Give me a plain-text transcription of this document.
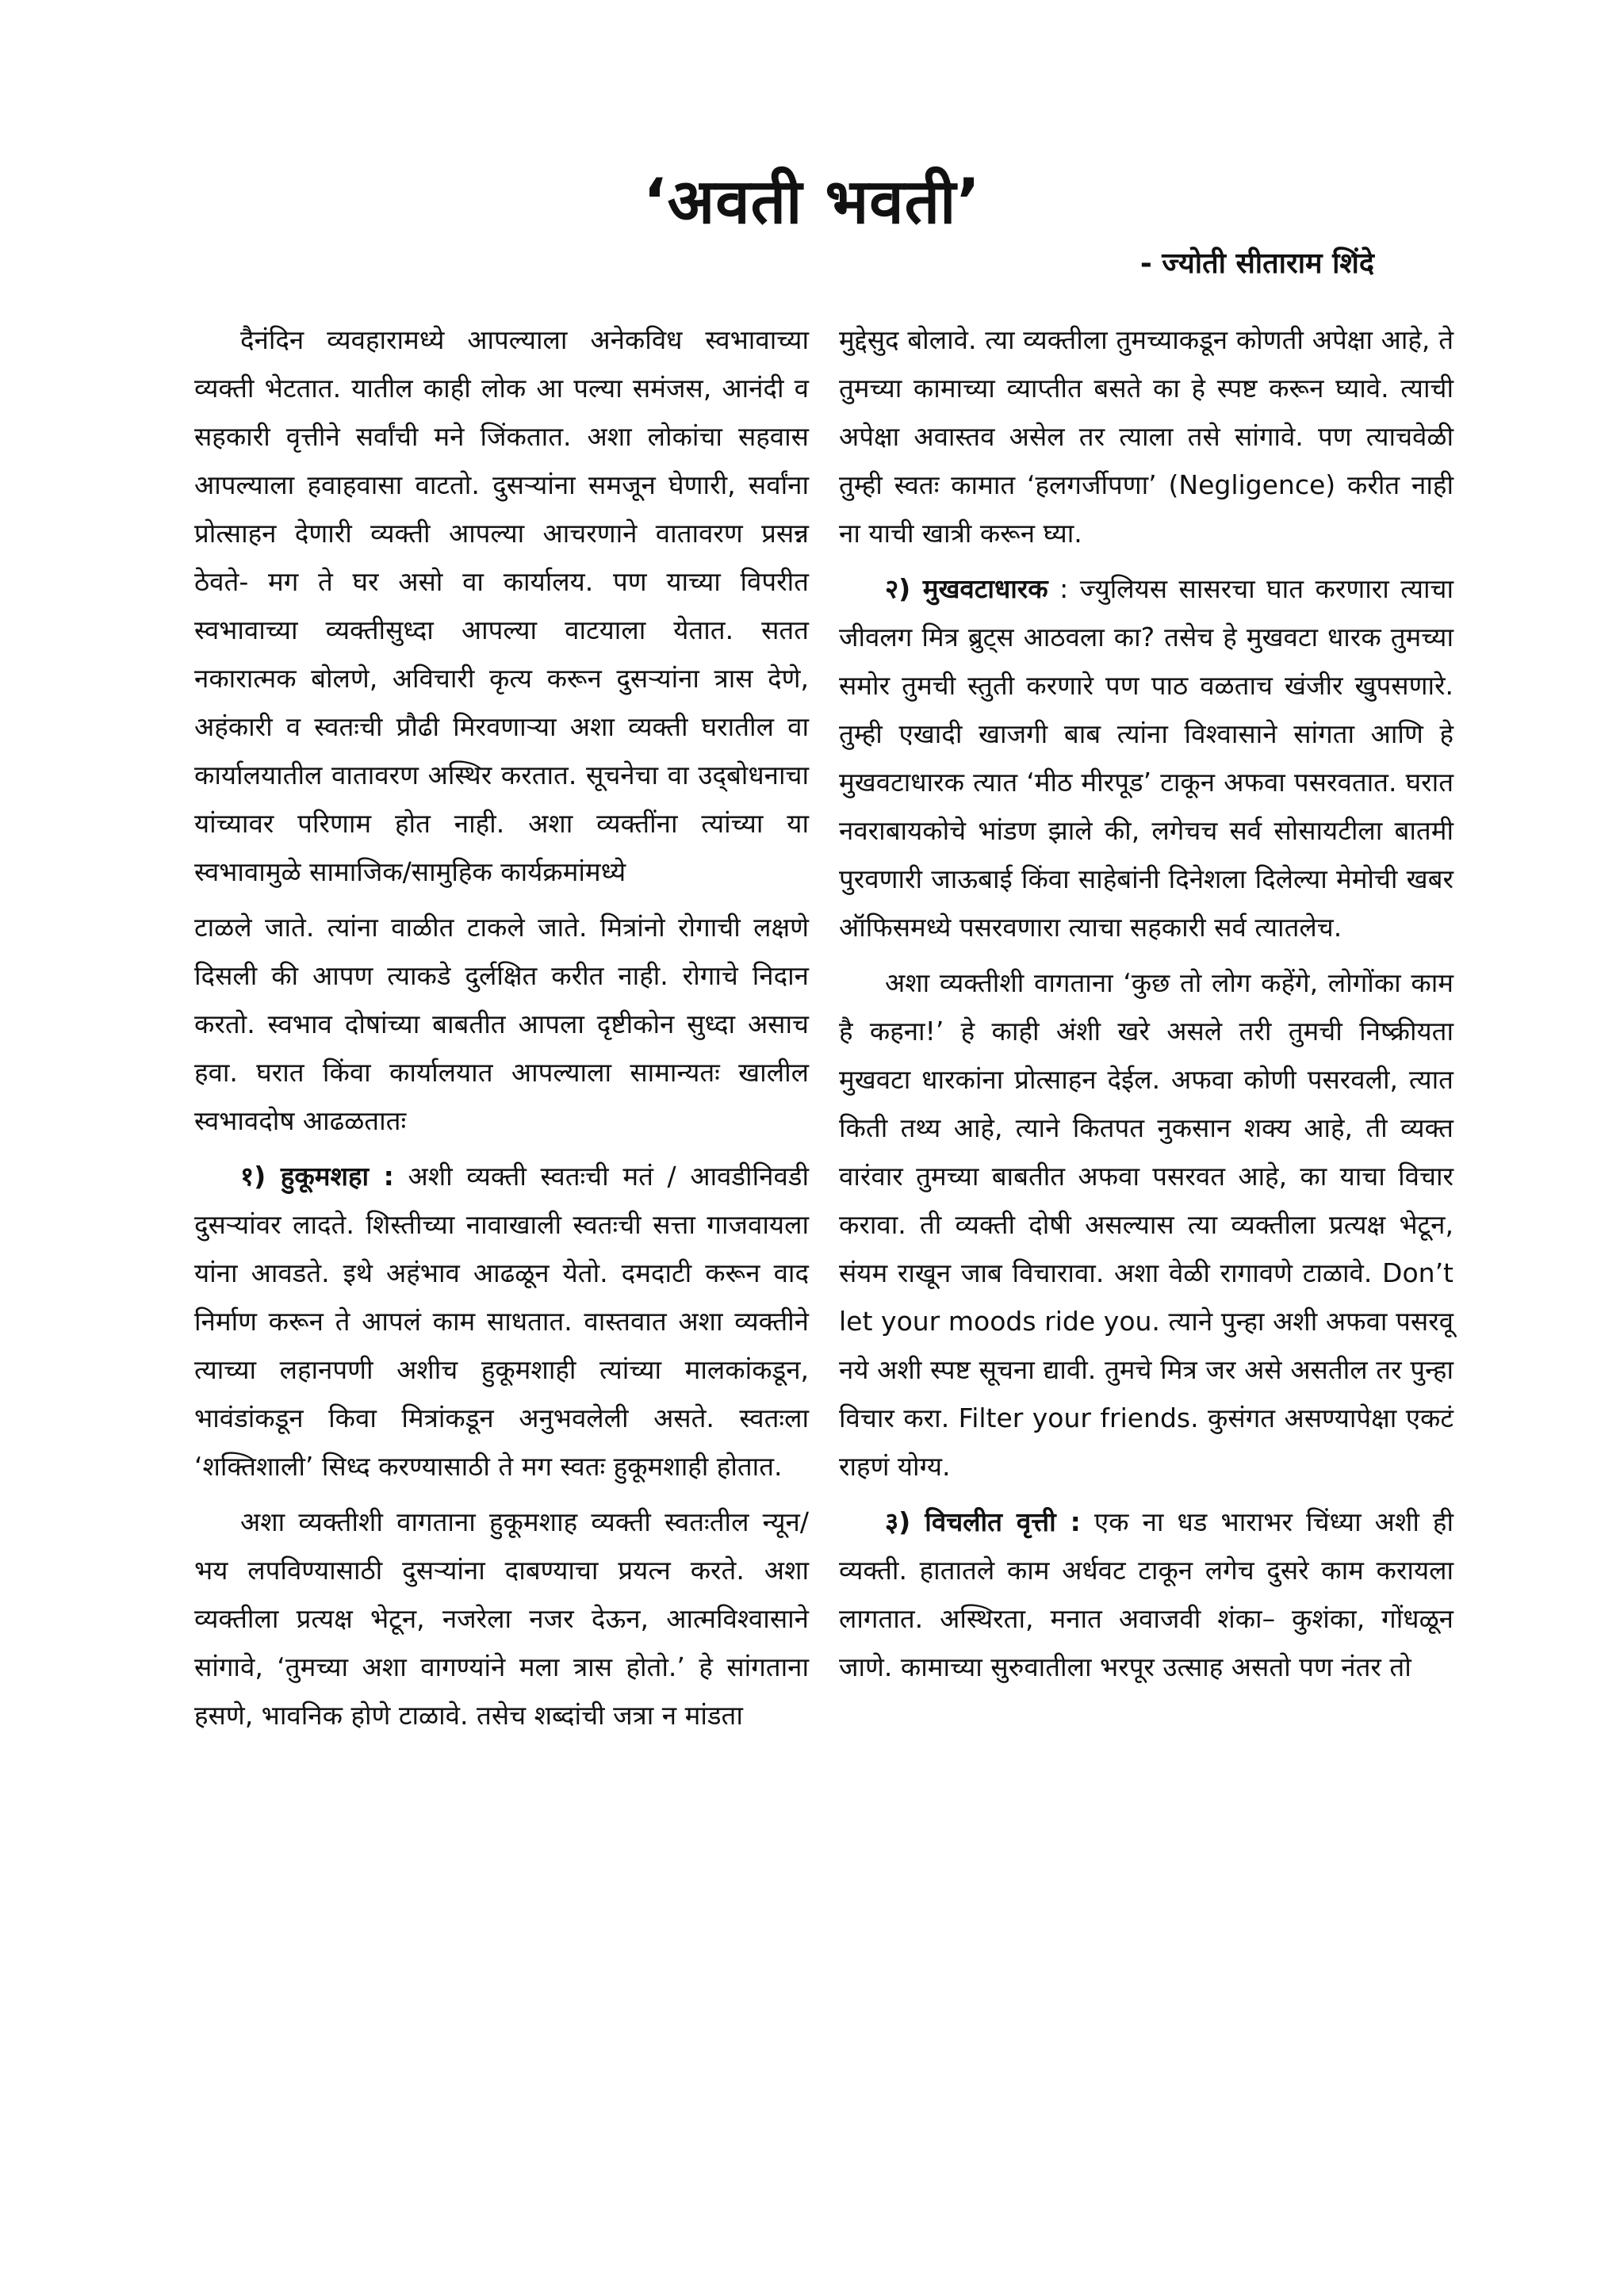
‘अवती भवती’
- ज्योती सीताराम शिंदे

दैनंदिन व्यवहारामध्ये आपल्याला अनेकविध स्वभावाच्या व्यक्ती भेटतात. यातील काही लोक आ पल्या समंजस, आनंदी व सहकारी वृत्तीने सर्वांची मने जिंकतात. अशा लोकांचा सहवास आपल्याला हवाहवासा वाटतो. दुसऱ्यांना समजून घेणारी, सर्वांना प्रोत्साहन देणारी व्यक्ती आपल्या आचरणाने वातावरण प्रसन्न ठेवते- मग ते घर असो वा कार्यालय. पण याच्या विपरीत स्वभावाच्या व्यक्तीसुध्दा आपल्या वाटयाला येतात. सतत नकारात्मक बोलणे, अविचारी कृत्य करून दुसऱ्यांना त्रास देणे, अहंकारी व स्वतःची प्रौढी मिरवणाऱ्या अशा व्यक्ती घरातील वा कार्यालयातील वातावरण अस्थिर करतात. सूचनेचा वा उद्‌बोधनाचा यांच्यावर परिणाम होत नाही. अशा व्यक्तींना त्यांच्या या स्वभावामुळे सामाजिक/सामुहिक कार्यक्रमांमध्ये

टाळले जाते. त्यांना वाळीत टाकले जाते. मित्रांनो रोगाची लक्षणे दिसली की आपण त्याकडे दुर्लक्षित करीत नाही. रोगाचे निदान करतो. स्वभाव दोषांच्या बाबतीत आपला दृष्टीकोन सुध्दा असाच हवा. घरात किंवा कार्यालयात आपल्याला सामान्यतः खालील स्वभावदोष आढळतातः

१) हुकूमशहा : अशी व्यक्ती स्वतःची मतं / आवडीनिवडी दुसऱ्यांवर लादते. शिस्तीच्या नावाखाली स्वतःची सत्ता गाजवायला यांना आवडते. इथे अहंभाव आढळून येतो. दमदाटी करून वाद निर्माण करून ते आपलं काम साधतात. वास्तवात अशा व्यक्तीने त्याच्या लहानपणी अशीच हुकूमशाही त्यांच्या मालकांकडून, भावंडांकडून किवा मित्रांकडून अनुभवलेली असते. स्वतःला ‘शक्तिशाली’ सिध्द करण्यासाठी ते मग स्वतः हुकूमशाही होतात.

अशा व्यक्तीशी वागताना हुकूमशाह व्यक्ती स्वतःतील न्यून/भय लपविण्यासाठी दुसऱ्यांना दाबण्याचा प्रयत्न करते. अशा व्यक्तीला प्रत्यक्ष भेटून, नजरेला नजर देऊन, आत्मविश्वासाने सांगावे, ‘तुमच्या अशा वागण्यांने मला त्रास होतो.’ हे सांगताना हसणे, भावनिक होणे टाळावे. तसेच शब्दांची जत्रा न मांडता

मुद्देसुद बोलावे. त्या व्यक्तीला तुमच्याकडून कोणती अपेक्षा आहे, ते तुमच्या कामाच्या व्याप्तीत बसते का हे स्पष्ट करून घ्यावे. त्याची अपेक्षा अवास्तव असेल तर त्याला तसे सांगावे. पण त्याचवेळी तुम्ही स्वतः कामात ‘हलगर्जीपणा’ (Negligence) करीत नाही ना याची खात्री करून घ्या.

२) मुखवटाधारक : ज्युलियस सासरचा घात करणारा त्याचा जीवलग मित्र ब्रुट्स आठवला का? तसेच हे मुखवटा धारक तुमच्या समोर तुमची स्तुती करणारे पण पाठ वळताच खंजीर खुपसणारे. तुम्ही एखादी खाजगी बाब त्यांना विश्वासाने सांगता आणि हे मुखवटाधारक त्यात ‘मीठ मीरपूड’ टाकून अफवा पसरवतात. घरात नवराबायकोचे भांडण झाले की, लगेचच सर्व सोसायटीला बातमी पुरवणारी जाऊबाई किंवा साहेबांनी दिनेशला दिलेल्या मेमोची खबर ऑफिसमध्ये पसरवणारा त्याचा सहकारी सर्व त्यातलेच.

अशा व्यक्तीशी वागताना ‘कुछ तो लोग कहेंगे, लोगोंका काम है कहना!’ हे काही अंशी खरे असले तरी तुमची निष्क्रीयता मुखवटा धारकांना प्रोत्साहन देईल. अफवा कोणी पसरवली, त्यात किती तथ्य आहे, त्याने कितपत नुकसान शक्य आहे, ती व्यक्त वारंवार तुमच्या बाबतीत अफवा पसरवत आहे, का याचा विचार करावा. ती व्यक्ती दोषी असल्यास त्या व्यक्तीला प्रत्यक्ष भेटून, संयम राखून जाब विचारावा. अशा वेळी रागावणे टाळावे. Don’t let your moods ride you. त्याने पुन्हा अशी अफवा पसरवू नये अशी स्पष्ट सूचना द्यावी. तुमचे मित्र जर असे असतील तर पुन्हा विचार करा. Filter your friends. कुसंगत असण्यापेक्षा एकटं राहणं योग्य.

३) विचलीत वृत्ती : एक ना धड भाराभर चिंध्या अशी ही व्यक्ती. हातातले काम अर्धवट टाकून लगेच दुसरे काम करायला लागतात. अस्थिरता, मनात अवाजवी शंका– कुशंका, गोंधळून जाणे. कामाच्या सुरुवातीला भरपूर उत्साह असतो पण नंतर तो
